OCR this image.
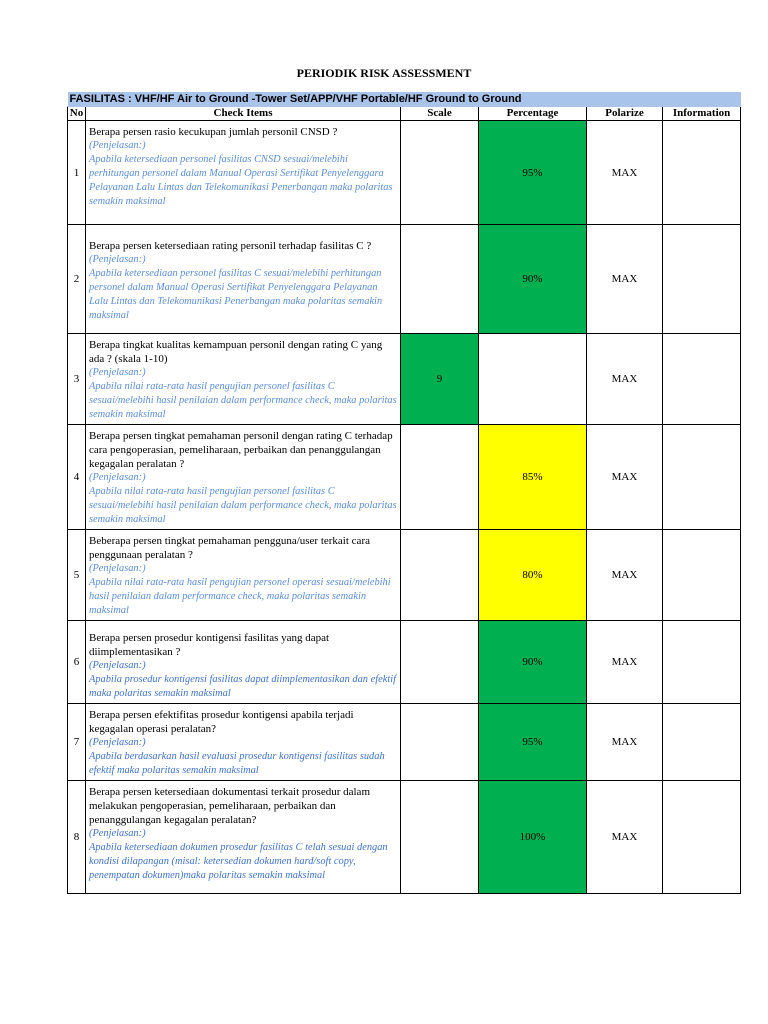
PERIODIK RISK ASSESSMENT
FASILITAS : VHF/HF Air to Ground -Tower Set/APP/VHF Portable/HF Ground to Ground					
No	Check Items	Scale	Percentage	Polarize	Information
1	Berapa persen rasio kecukupan jumlah personil CNSD ?
(Penjelasan:)
Apabila ketersediaan personel fasilitas CNSD sesuai/melebihi perhitungan personel dalam Manual Operasi Sertifikat Penyelenggara Pelayanan Lalu Lintas dan Telekomunikasi Penerbangan maka polaritas semakin maksimal		95%	MAX	
2	Berapa persen ketersediaan rating personil terhadap fasilitas C ?
(Penjelasan:)
Apabila ketersediaan personel fasilitas C sesuai/melebihi perhitungan personel dalam Manual Operasi Sertifikat Penyelenggara Pelayanan Lalu Lintas dan Telekomunikasi Penerbangan maka polaritas semakin maksimal		90%	MAX	
3	Berapa tingkat kualitas kemampuan personil dengan rating C yang ada ? (skala 1-10)
(Penjelasan:)
Apabila nilai rata-rata hasil pengujian personel fasilitas C sesuai/melebihi hasil penilaian dalam performance check, maka polaritas semakin maksimal	9		MAX	
4	Berapa persen tingkat pemahaman personil dengan rating C terhadap cara pengoperasian, pemeliharaan, perbaikan dan penanggulangan kegagalan peralatan ?
(Penjelasan:)
Apabila nilai rata-rata hasil pengujian personel fasilitas C sesuai/melebihi hasil penilaian dalam performance check, maka polaritas semakin maksimal		85%	MAX	
5	Beberapa persen tingkat pemahaman pengguna/user terkait cara penggunaan peralatan ?
(Penjelasan:)
Apabila nilai rata-rata hasil pengujian personel operasi sesuai/melebihi hasil penilaian dalam performance check, maka polaritas semakin maksimal		80%	MAX	
6	Berapa persen prosedur kontigensi fasilitas yang dapat diimplementasikan ?
(Penjelasan:)
Apabila prosedur kontigensi fasilitas dapat diimplementasikan dan efektif maka polaritas semakin maksimal		90%	MAX	
7	Berapa persen efektifitas prosedur kontigensi apabila terjadi kegagalan operasi peralatan?
(Penjelasan:)
Apabila berdasarkan hasil evaluasi prosedur kontigensi fasilitas sudah efektif maka polaritas semakin maksimal		95%	MAX	
8	Berapa persen ketersediaan dokumentasi terkait prosedur dalam melakukan pengoperasian, pemeliharaan, perbaikan dan penanggulangan kegagalan peralatan?
(Penjelasan:)
Apabila ketersediaan dokumen prosedur fasilitas C telah sesuai dengan kondisi dilapangan (misal: ketersedian dokumen hard/soft copy, penempatan dokumen)maka polaritas semakin maksimal		100%	MAX	
